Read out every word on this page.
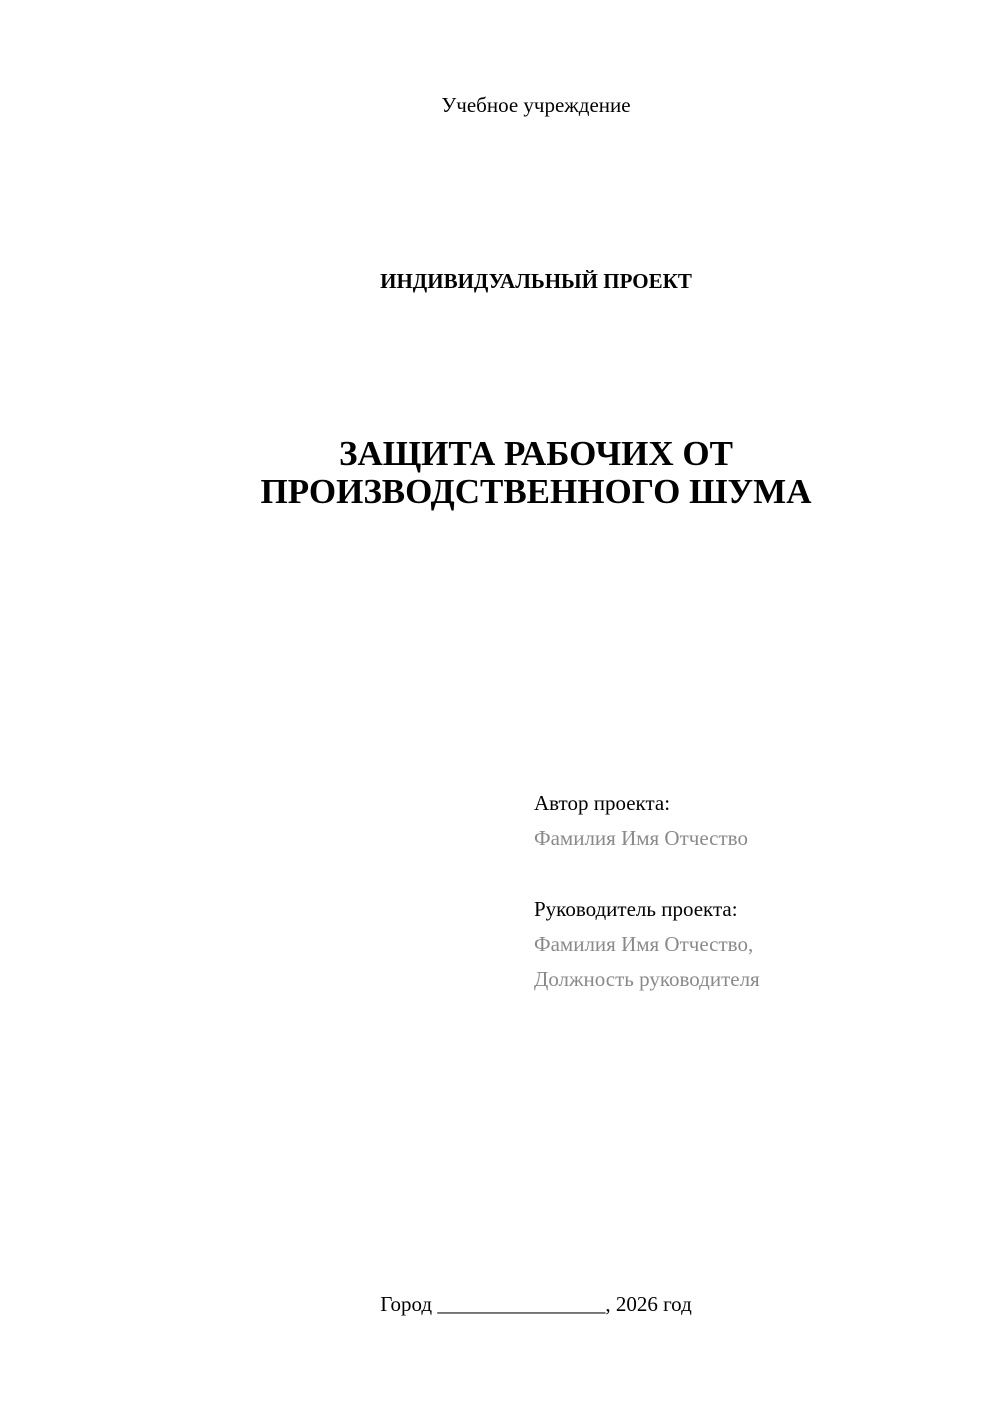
Учебное учреждение
ИНДИВИДУАЛЬНЫЙ ПРОЕКТ
ЗАЩИТА РАБОЧИХ ОТ
ПРОИЗВОДСТВЕННОГО ШУМА
Автор проекта:
Фамилия Имя Отчество
Руководитель проекта:
Фамилия Имя Отчество,
Должность руководителя
Город ________________, 2026 год
